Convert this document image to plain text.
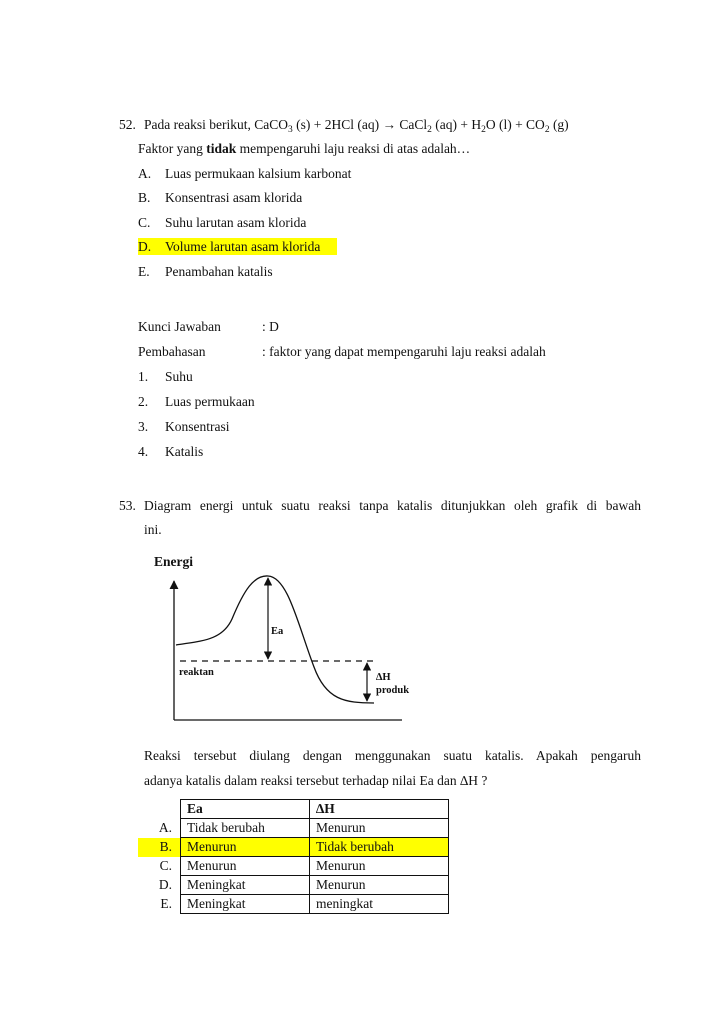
52. Pada reaksi berikut, CaCO$_3$ (s) + 2HCl (aq) → CaCl$_2$ $(aq) + H_2O$ $(l) + CO_2$ (g)
Faktor yang tidak mempengaruhi laju reaksi di atas adalah…
A. Luas permukaan kalsium karbonat
B. Konsentrasi asam klorida
C. Suhu larutan asam klorida
D. Volume larutan asam klorida
E. Penambahan katalis
Kunci Jawaban	: D
Pembahasan	: faktor yang dapat mempengaruhi laju reaksi adalah
1. Suhu
2. Luas permukaan
3. Konsentrasi
4. Katalis
53. Diagram energi untuk suatu reaksi tanpa katalis ditunjukkan oleh grafik di bawah
ini.
Energi
Ea
reaktan	∆H
produk
Reaksi tersebut diulang dengan menggunakan suatu katalis. Apakah pengaruh
adanya katalis dalam reaksi tersebut terhadap nilai Ea dan ∆H ?
	Ea	∆H
A.	Tidak berubah	Menurun
B.	Menurun	Tidak berubah
C.	Menurun	Menurun
D.	Meningkat	Menurun
E.	Meningkat	meningkat
